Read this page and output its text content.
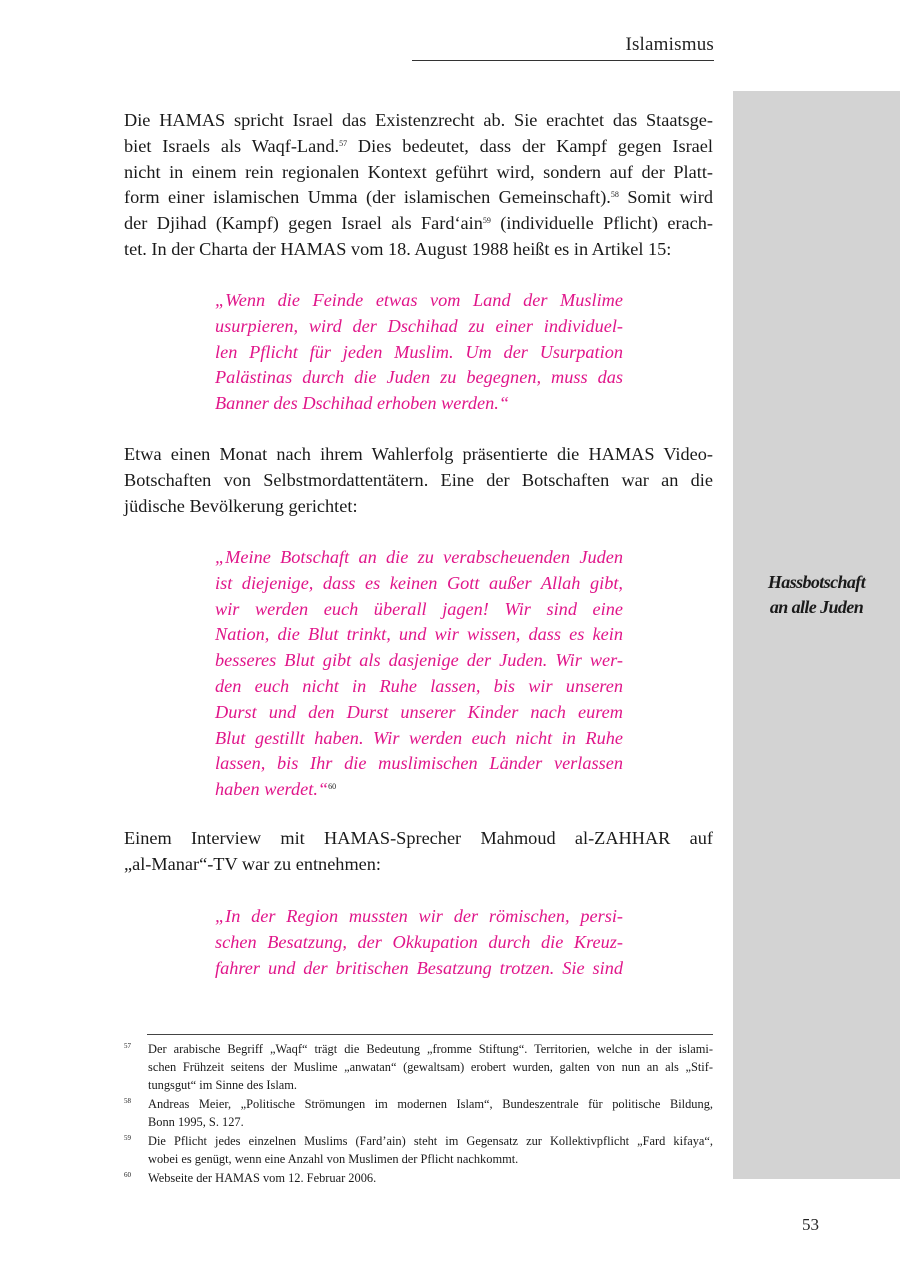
Islamismus
Hassbotschaft
an alle Juden

Die HAMAS spricht Israel das Existenzrecht ab. Sie erachtet das Staatsge-
biet Israels als Waqf-Land.$^{57}$ Dies bedeutet, dass der Kampf gegen Israel
nicht in einem rein regionalen Kontext geführt wird, sondern auf der Platt-
form einer islamischen Umma (der islamischen Gemeinschaft).$^{58}$ Somit wird
der Djihad (Kampf) gegen Israel als Fard‘ain$^{59}$ (individuelle Pflicht) erach-
tet. In der Charta der HAMAS vom 18. August 1988 heißt es in Artikel 15:

„Wenn die Feinde etwas vom Land der Muslime
usurpieren, wird der Dschihad zu einer individuel-
len Pflicht für jeden Muslim. Um der Usurpation
Palästinas durch die Juden zu begegnen, muss das
Banner des Dschihad erhoben werden.“

Etwa einen Monat nach ihrem Wahlerfolg präsentierte die HAMAS Video-
Botschaften von Selbstmordattentätern. Eine der Botschaften war an die
jüdische Bevölkerung gerichtet:

„Meine Botschaft an die zu verabscheuenden Juden
ist diejenige, dass es keinen Gott außer Allah gibt,
wir werden euch überall jagen! Wir sind eine
Nation, die Blut trinkt, und wir wissen, dass es kein
besseres Blut gibt als dasjenige der Juden. Wir wer-
den euch nicht in Ruhe lassen, bis wir unseren
Durst und den Durst unserer Kinder nach eurem
Blut gestillt haben. Wir werden euch nicht in Ruhe
lassen, bis Ihr die muslimischen Länder verlassen
haben werdet.“$^{60}$

Einem Interview mit HAMAS-Sprecher Mahmoud al-ZAHHAR auf
„al-Manar“-TV war zu entnehmen:

„In der Region mussten wir der römischen, persi-
schen Besatzung, der Okkupation durch die Kreuz-
fahrer und der britischen Besatzung trotzen. Sie sind

57 Der arabische Begriff „Waqf“ trägt die Bedeutung „fromme Stiftung“. Territorien, welche in der islami-
schen Frühzeit seitens der Muslime „anwatan“ (gewaltsam) erobert wurden, galten von nun an als „Stif-
tungsgut“ im Sinne des Islam.
58 Andreas Meier, „Politische Strömungen im modernen Islam“, Bundeszentrale für politische Bildung,
Bonn 1995, S. 127.
59 Die Pflicht jedes einzelnen Muslims (Fard’ain) steht im Gegensatz zur Kollektivpflicht „Fard kifaya“,
wobei es genügt, wenn eine Anzahl von Muslimen der Pflicht nachkommt.
60 Webseite der HAMAS vom 12. Februar 2006.
53
